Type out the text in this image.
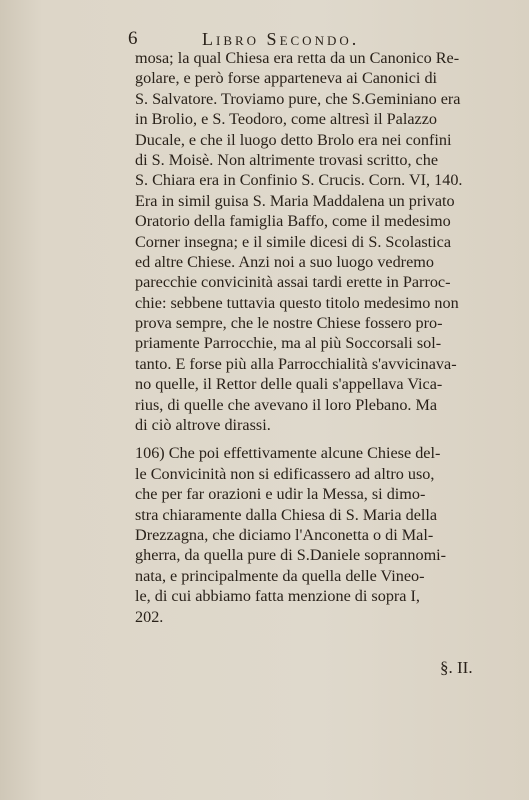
6	Libro Secondo.
mosa; la qual Chiesa era retta da un Canonico Re-
golare, e però forse apparteneva ai Canonici di
S. Salvatore. Troviamo pure, che S.Geminiano era
in Brolio, e S. Teodoro, come altresì il Palazzo
Ducale, e che il luogo detto Brolo era nei confini
di S. Moisè. Non altrimente trovasi scritto, che
S. Chiara era in Confinio S. Crucis. Corn. VI, 140.
Era in simil guisa S. Maria Maddalena un privato
Oratorio della famiglia Baffo, come il medesimo
Corner insegna; e il simile dicesi di S. Scolastica
ed altre Chiese. Anzi noi a suo luogo vedremo
parecchie convicinità assai tardi erette in Parroc-
chie: sebbene tuttavia questo titolo medesimo non
prova sempre, che le nostre Chiese fossero pro-
priamente Parrocchie, ma al più Soccorsali sol-
tanto. E forse più alla Parrocchialità s'avvicinava-
no quelle, il Rettor delle quali s'appellava Vica-
rius, di quelle che avevano il loro Plebano. Ma
di ciò altrove dirassi.
106) Che poi effettivamente alcune Chiese del-
le Convicinità non si edificassero ad altro uso,
che per far orazioni e udir la Messa, si dimo-
stra chiaramente dalla Chiesa di S. Maria della
Drezzagna, che diciamo l'Anconetta o di Mal-
gherra, da quella pure di S.Daniele soprannomi-
nata, e principalmente da quella delle Vineo-
le, di cui abbiamo fatta menzione di sopra I,
202.
§. II.
